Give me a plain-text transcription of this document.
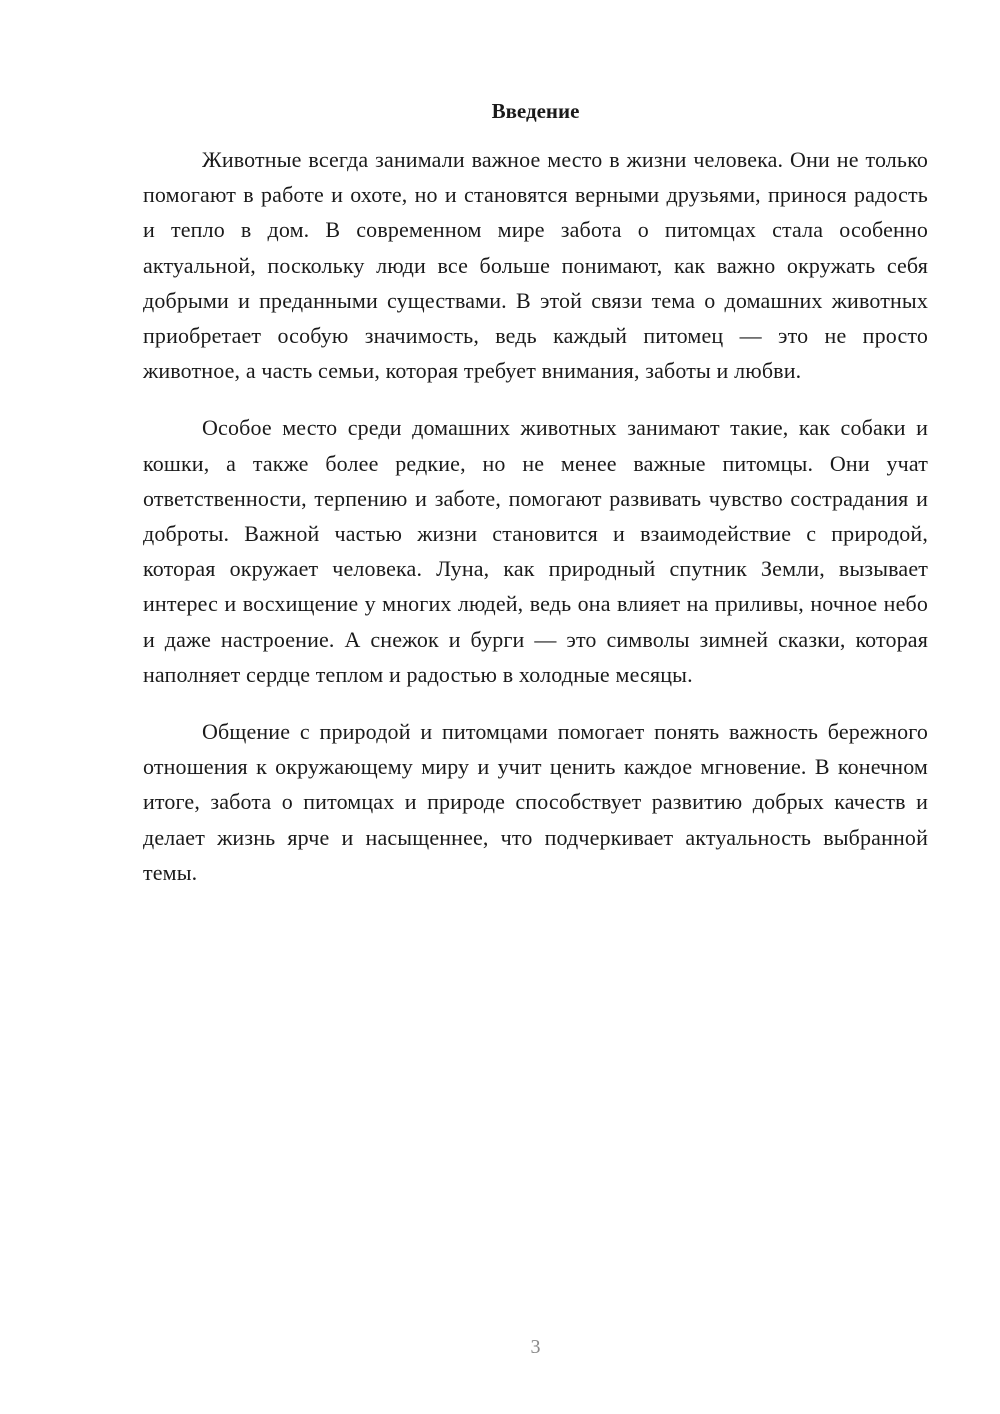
Введение

Животные всегда занимали важное место в жизни человека. Они не только помогают в работе и охоте, но и становятся верными друзьями, принося радость и тепло в дом. В современном мире забота о питомцах стала особенно актуальной, поскольку люди все больше понимают, как важно окружать себя добрыми и преданными существами. В этой связи тема о домашних животных приобретает особую значимость, ведь каждый питомец — это не просто животное, а часть семьи, которая требует внимания, заботы и любви.

Особое место среди домашних животных занимают такие, как собаки и кошки, а также более редкие, но не менее важные питомцы. Они учат ответственности, терпению и заботе, помогают развивать чувство сострадания и доброты. Важной частью жизни становится и взаимодействие с природой, которая окружает человека. Луна, как природный спутник Земли, вызывает интерес и восхищение у многих людей, ведь она влияет на приливы, ночное небо и даже настроение. А снежок и бурги — это символы зимней сказки, которая наполняет сердце теплом и радостью в холодные месяцы.

Общение с природой и питомцами помогает понять важность бережного отношения к окружающему миру и учит ценить каждое мгновение. В конечном итоге, забота о питомцах и природе способствует развитию добрых качеств и делает жизнь ярче и насыщеннее, что подчеркивает актуальность выбранной темы.

3
